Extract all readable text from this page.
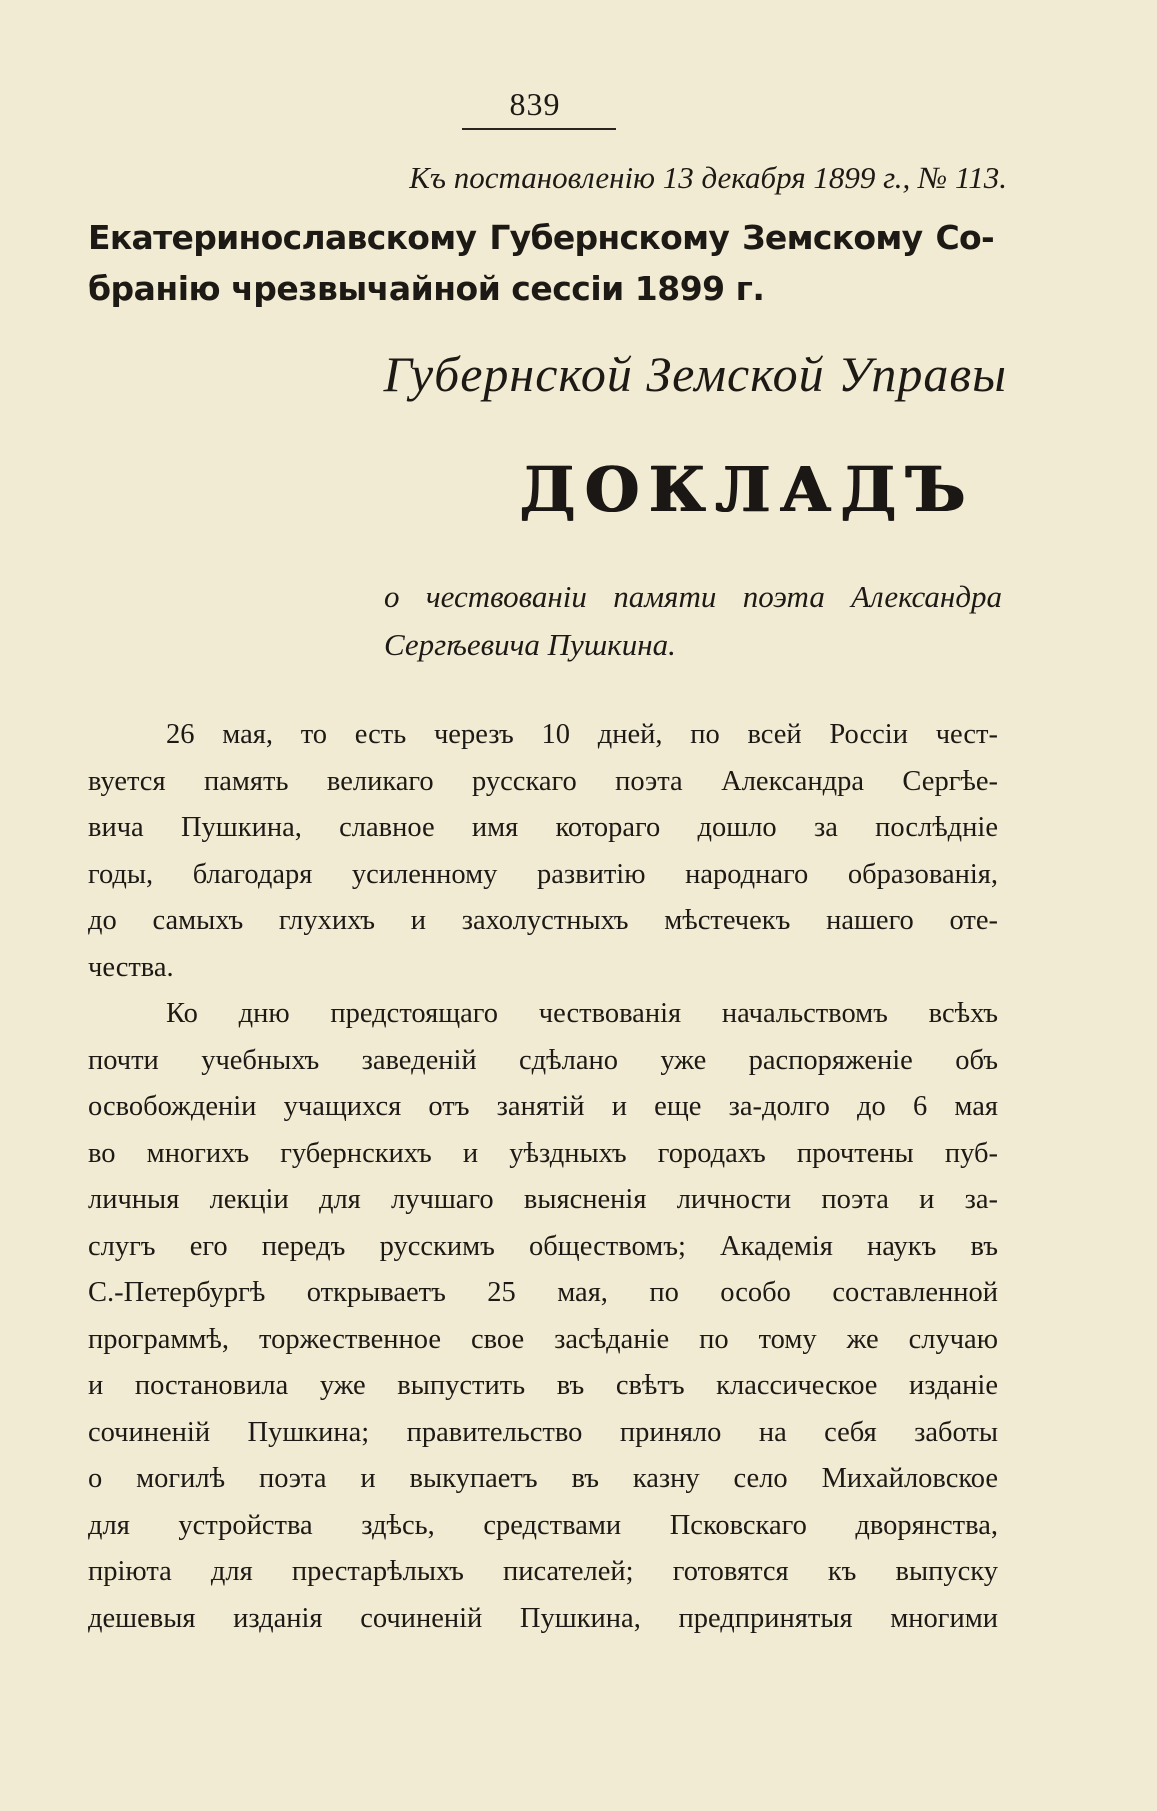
839
Къ постановленію 13 декабря 1899 г., № 113.
Екатеринославскому Губернскому Земскому Со-
бранію чрезвычайной сессіи 1899 г.
Губернской Земской Управы
ДОКЛАДЪ
о чествованіи памяти поэта Александра
Сергѣевича Пушкина.
26 мая, то есть черезъ 10 дней, по всей Россіи чест-
вуется память великаго русскаго поэта Александра Сергѣе-
вича Пушкина, славное имя котораго дошло за послѣдніе
годы, благодаря усиленному развитію народнаго образованія,
до самыхъ глухихъ и захолустныхъ мѣстечекъ нашего оте-
чества.
Ко дню предстоящаго чествованія начальствомъ всѣхъ
почти учебныхъ заведеній сдѣлано уже распоряженіе объ
освобожденіи учащихся отъ занятій и еще за-долго до 6 мая
во многихъ губернскихъ и уѣздныхъ городахъ прочтены пуб-
личныя лекціи для лучшаго выясненія личности поэта и за-
слугъ его передъ русскимъ обществомъ; Академія наукъ въ
С.-Петербургѣ открываетъ 25 мая, по особо составленной
программѣ, торжественное свое засѣданіе по тому же случаю
и постановила уже выпустить въ свѣтъ классическое изданіе
сочиненій Пушкина; правительство приняло на себя заботы
о могилѣ поэта и выкупаетъ въ казну село Михайловское
для устройства здѣсь, средствами Псковскаго дворянства,
пріюта для престарѣлыхъ писателей; готовятся къ выпуску
дешевыя изданія сочиненій Пушкина, предпринятыя многими
